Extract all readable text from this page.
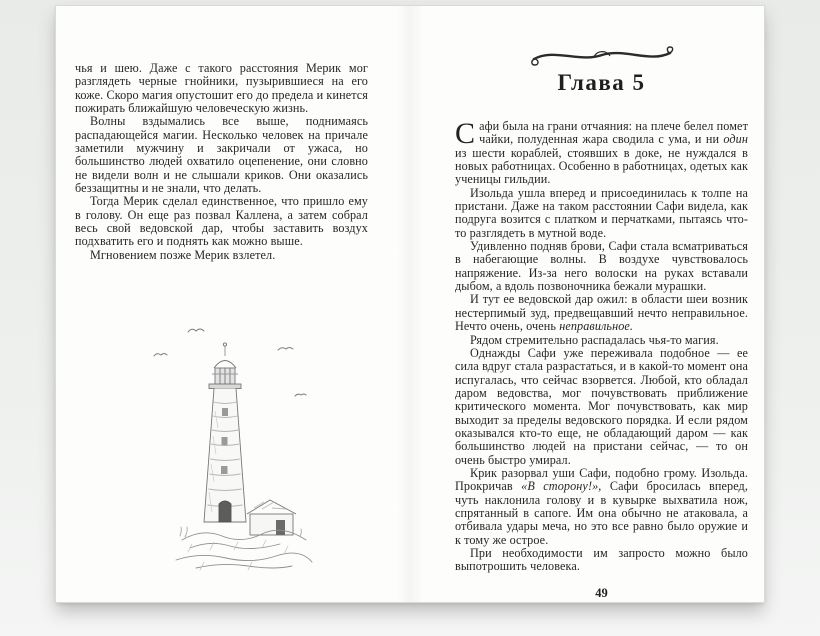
чья и шею. Даже с такого расстояния Мерик мог разглядеть черные гнойники, пузырившиеся на его коже. Скоро магия опустошит его до предела и кинется пожирать ближайшую человеческую жизнь.

Волны вздымались все выше, поднимаясь распадающейся магии. Несколько человек на причале заметили мужчину и закричали от ужаса, но большинство людей охватило оцепенение, они словно не видели волн и не слышали криков. Они оказались беззащитны и не знали, что делать.

Тогда Мерик сделал единственное, что пришло ему в голову. Он еще раз позвал Каллена, а затем собрал весь свой ведовской дар, чтобы заставить воздух подхватить его и поднять как можно выше.

Мгновением позже Мерик взлетел.

Глава 5

Сафи была на грани отчаяния: на плече белел помет чайки, полуденная жара сводила с ума, и ни один из шести кораблей, стоявших в доке, не нуждался в новых работницах. Особенно в работницах, одетых как ученицы гильдии.

Изольда ушла вперед и присоединилась к толпе на пристани. Даже на таком расстоянии Сафи видела, как подруга возится с платком и перчатками, пытаясь что-то разглядеть в мутной воде.

Удивленно подняв брови, Сафи стала всматриваться в набегающие волны. В воздухе чувствовалось напряжение. Из-за него волоски на руках вставали дыбом, а вдоль позвоночника бежали мурашки.

И тут ее ведовской дар ожил: в области шеи возник нестерпимый зуд, предвещавший нечто неправильное. Нечто очень, очень неправильное.

Рядом стремительно распадалась чья-то магия.

Однажды Сафи уже переживала подобное — ее сила вдруг стала разрастаться, и в какой-то момент она испугалась, что сейчас взорвется. Любой, кто обладал даром ведовства, мог почувствовать приближение критического момента. Мог почувствовать, как мир выходит за пределы ведовского порядка. И если рядом оказывался кто-то еще, не обладающий даром — как большинство людей на пристани сейчас, — то он очень быстро умирал.

Крик разорвал уши Сафи, подобно грому. Изольда. Прокричав «В сторону!», Сафи бросилась вперед, чуть наклонила голову и в кувырке выхватила нож, спрятанный в сапоге. Им она обычно не атаковала, а отбивала удары меча, но это все равно было оружие и к тому же острое.

При необходимости им запросто можно было выпотрошить человека.

49
